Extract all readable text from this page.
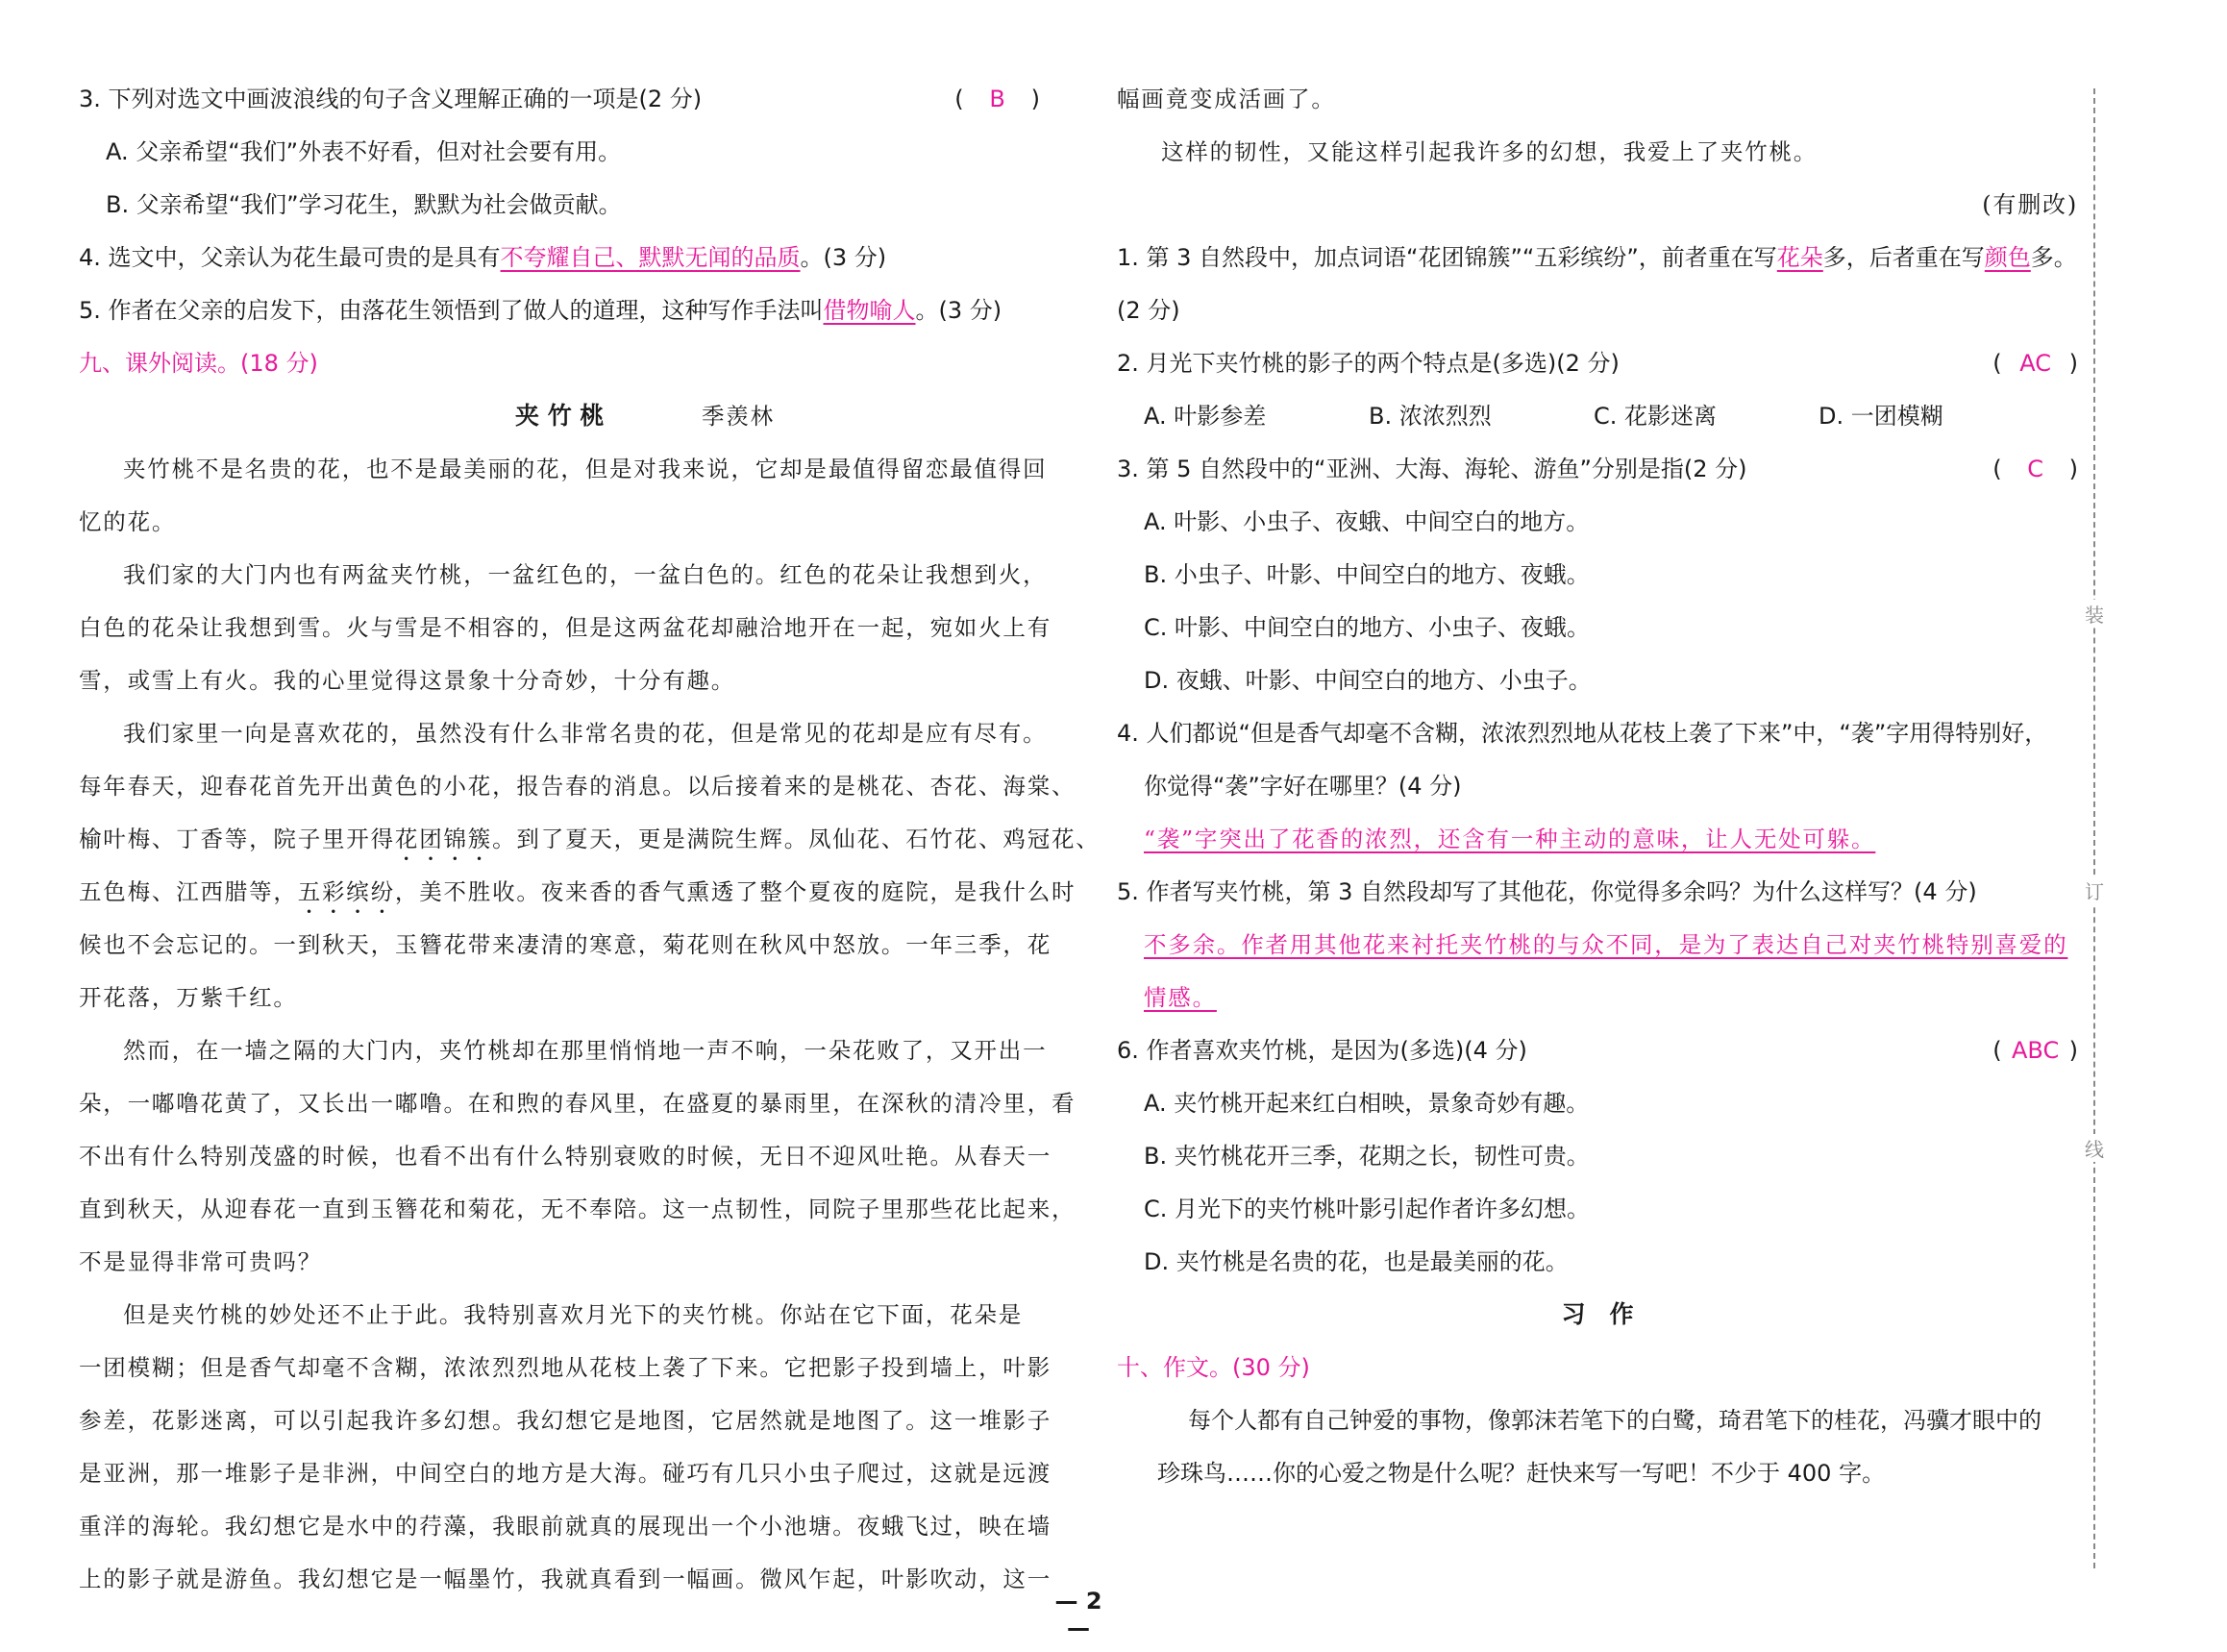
3. 下列对选文中画波浪线的句子含义理解正确的一项是(2 分)	( B )
A. 父亲希望“我们”外表不好看，但对社会要有用。
B. 父亲希望“我们”学习花生，默默为社会做贡献。
4. 选文中，父亲认为花生最可贵的是具有不夸耀自己、默默无闻的品质。(3 分)
5. 作者在父亲的启发下，由落花生领悟到了做人的道理，这种写作手法叫借物喻人。(3 分)
九、课外阅读。(18 分)
夹 竹 桃	季羡林
夹竹桃不是名贵的花，也不是最美丽的花，但是对我来说，它却是最值得留恋最值得回
忆的花。
我们家的大门内也有两盆夹竹桃，一盆红色的，一盆白色的。红色的花朵让我想到火，
白色的花朵让我想到雪。火与雪是不相容的，但是这两盆花却融洽地开在一起，宛如火上有
雪，或雪上有火。我的心里觉得这景象十分奇妙，十分有趣。
我们家里一向是喜欢花的，虽然没有什么非常名贵的花，但是常见的花却是应有尽有。
每年春天，迎春花首先开出黄色的小花，报告春的消息。以后接着来的是桃花、杏花、海棠、
榆叶梅、丁香等，院子里开得花团锦簇。到了夏天，更是满院生辉。凤仙花、石竹花、鸡冠花、
五色梅、江西腊等，五彩缤纷，美不胜收。夜来香的香气熏透了整个夏夜的庭院，是我什么时
候也不会忘记的。一到秋天，玉簪花带来凄清的寒意，菊花则在秋风中怒放。一年三季，花
开花落，万紫千红。
然而，在一墙之隔的大门内，夹竹桃却在那里悄悄地一声不响，一朵花败了，又开出一
朵，一嘟噜花黄了，又长出一嘟噜。在和煦的春风里，在盛夏的暴雨里，在深秋的清冷里，看
不出有什么特别茂盛的时候，也看不出有什么特别衰败的时候，无日不迎风吐艳。从春天一
直到秋天，从迎春花一直到玉簪花和菊花，无不奉陪。这一点韧性，同院子里那些花比起来，
不是显得非常可贵吗？
但是夹竹桃的妙处还不止于此。我特别喜欢月光下的夹竹桃。你站在它下面，花朵是
一团模糊；但是香气却毫不含糊，浓浓烈烈地从花枝上袭了下来。它把影子投到墙上，叶影
参差，花影迷离，可以引起我许多幻想。我幻想它是地图，它居然就是地图了。这一堆影子
是亚洲，那一堆影子是非洲，中间空白的地方是大海。碰巧有几只小虫子爬过，这就是远渡
重洋的海轮。我幻想它是水中的荇藻，我眼前就真的展现出一个小池塘。夜蛾飞过，映在墙
上的影子就是游鱼。我幻想它是一幅墨竹，我就真看到一幅画。微风乍起，叶影吹动，这一
幅画竟变成活画了。
这样的韧性，又能这样引起我许多的幻想，我爱上了夹竹桃。
(有删改)
1. 第 3 自然段中，加点词语“花团锦簇”“五彩缤纷”，前者重在写花朵多，后者重在写颜色多。
(2 分)
2. 月光下夹竹桃的影子的两个特点是(多选)(2 分)	( AC )
A. 叶影参差	B. 浓浓烈烈	C. 花影迷离	D. 一团模糊
3. 第 5 自然段中的“亚洲、大海、海轮、游鱼”分别是指(2 分)	( C )
A. 叶影、小虫子、夜蛾、中间空白的地方。
B. 小虫子、叶影、中间空白的地方、夜蛾。
C. 叶影、中间空白的地方、小虫子、夜蛾。
D. 夜蛾、叶影、中间空白的地方、小虫子。
4. 人们都说“但是香气却毫不含糊，浓浓烈烈地从花枝上袭了下来”中，“袭”字用得特别好，
你觉得“袭”字好在哪里？(4 分)
“袭”字突出了花香的浓烈，还含有一种主动的意味，让人无处可躲。
5. 作者写夹竹桃，第 3 自然段却写了其他花，你觉得多余吗？为什么这样写？(4 分)
不多余。作者用其他花来衬托夹竹桃的与众不同，是为了表达自己对夹竹桃特别喜爱的
情感。
6. 作者喜欢夹竹桃，是因为(多选)(4 分)	( ABC )
A. 夹竹桃开起来红白相映，景象奇妙有趣。
B. 夹竹桃花开三季，花期之长，韧性可贵。
C. 月光下的夹竹桃叶影引起作者许多幻想。
D. 夹竹桃是名贵的花，也是最美丽的花。
习　作
十、作文。(30 分)
每个人都有自己钟爱的事物，像郭沫若笔下的白鹭，琦君笔下的桂花，冯骥才眼中的
珍珠鸟……你的心爱之物是什么呢？赶快来写一写吧！不少于 400 字。
— 2 —
装
订
线
